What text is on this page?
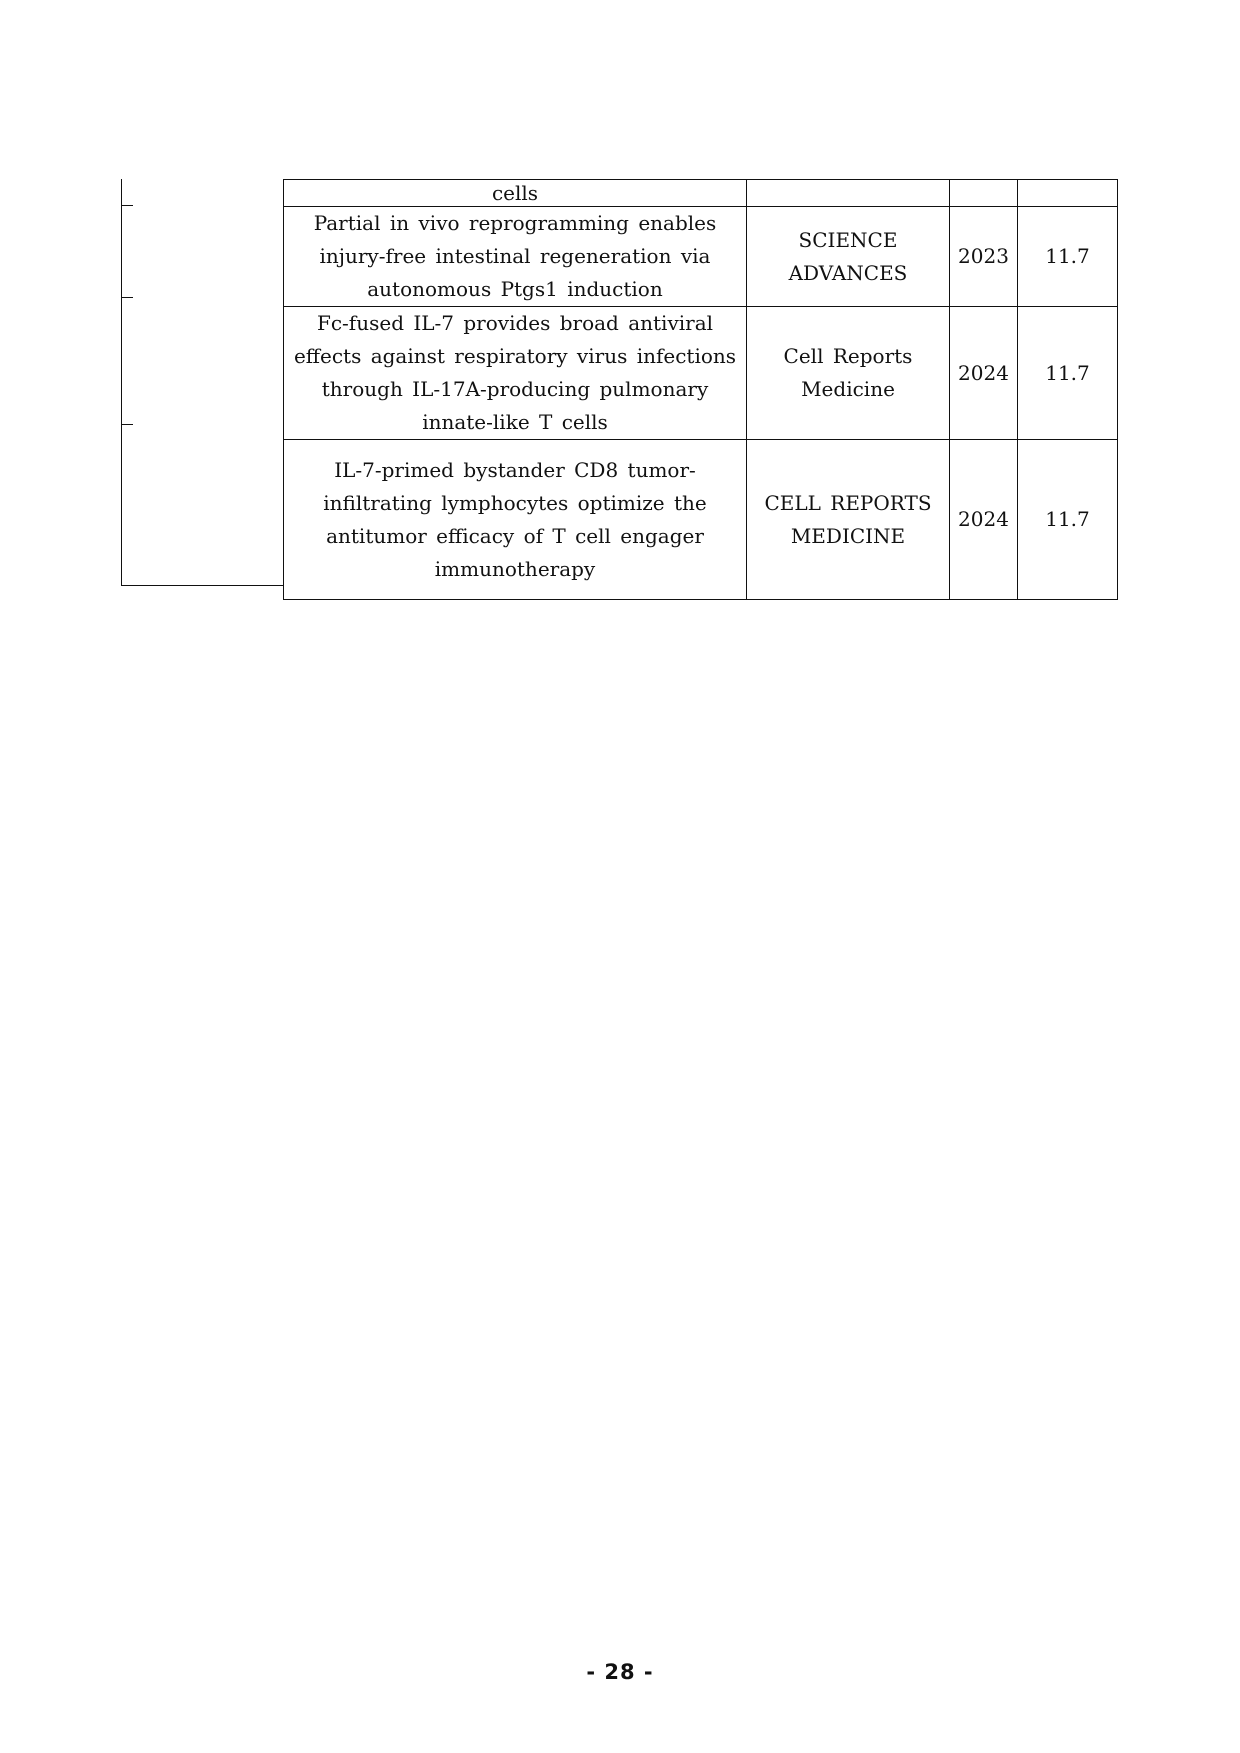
cells			
Partial in vivo reprogramming enables injury-free intestinal regeneration via autonomous Ptgs1 induction	SCIENCE ADVANCES	2023	11.7
Fc-fused IL-7 provides broad antiviral effects against respiratory virus infections through IL-17A-producing pulmonary innate-like T cells	Cell Reports Medicine	2024	11.7
IL-7-primed bystander CD8 tumor-infiltrating lymphocytes optimize the antitumor efficacy of T cell engager immunotherapy	CELL REPORTS MEDICINE	2024	11.7
- 28 -
